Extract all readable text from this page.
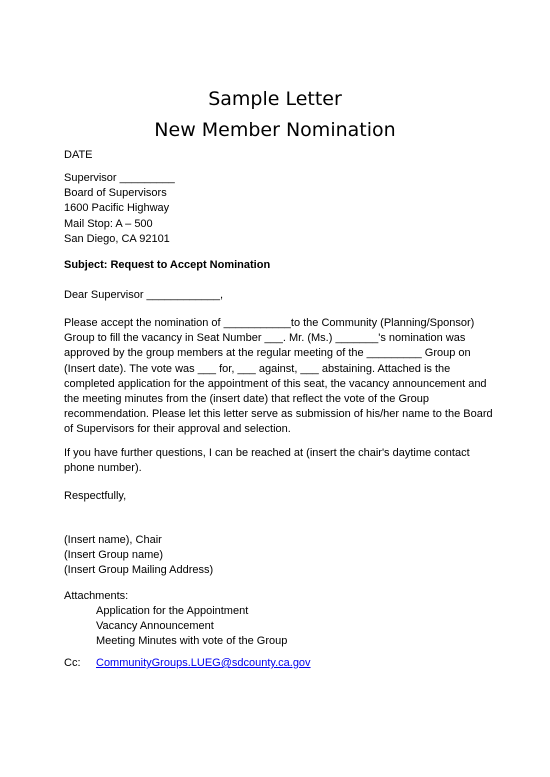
Sample Letter
New Member Nomination
DATE
Supervisor _________
Board of Supervisors
1600 Pacific Highway
Mail Stop: A – 500
San Diego, CA 92101
Subject: Request to Accept Nomination
Dear Supervisor ____________,
Please accept the nomination of ___________to the Community (Planning/Sponsor)
Group to fill the vacancy in Seat Number ___. Mr. (Ms.) _______'s nomination was
approved by the group members at the regular meeting of the _________ Group on
(Insert date). The vote was ___ for, ___ against, ___ abstaining. Attached is the
completed application for the appointment of this seat, the vacancy announcement and
the meeting minutes from the (insert date) that reflect the vote of the Group
recommendation. Please let this letter serve as submission of his/her name to the Board
of Supervisors for their approval and selection.
If you have further questions, I can be reached at (insert the chair's daytime contact
phone number).
Respectfully,
(Insert name), Chair
(Insert Group name)
(Insert Group Mailing Address)
Attachments:
Application for the Appointment
Vacancy Announcement
Meeting Minutes with vote of the Group
Cc: CommunityGroups.LUEG@sdcounty.ca.gov
